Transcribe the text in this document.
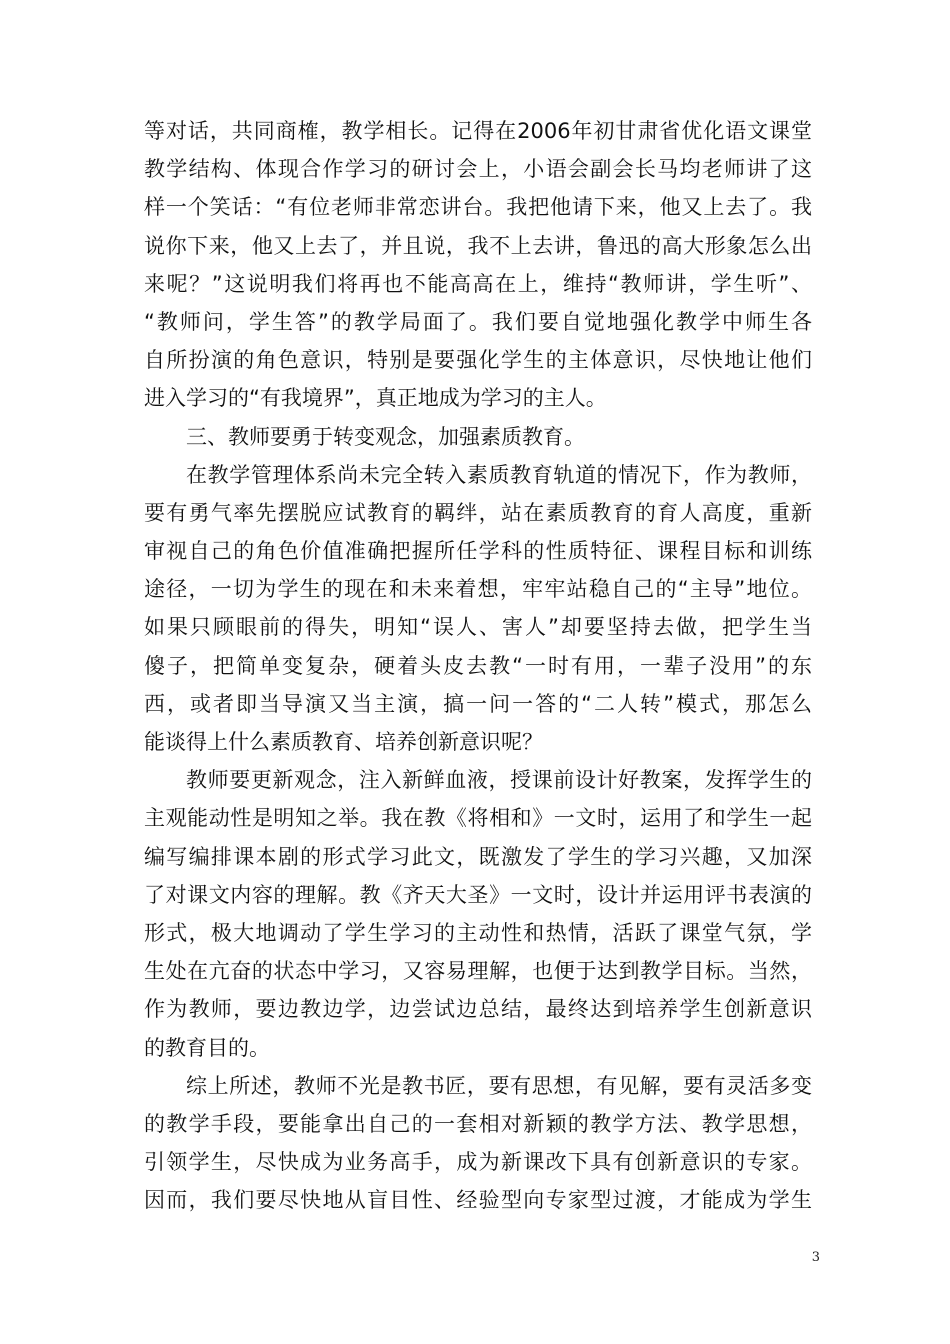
等对话，共同商榷，教学相长。记得在2006年初甘肃省优化语文课堂
教学结构、体现合作学习的研讨会上，小语会副会长马均老师讲了这
样一个笑话：“有位老师非常恋讲台。我把他请下来，他又上去了。我
说你下来，他又上去了，并且说，我不上去讲，鲁迅的高大形象怎么出
来呢？”这说明我们将再也不能高高在上，维持“教师讲，学生听”、
“教师问，学生答”的教学局面了。我们要自觉地强化教学中师生各
自所扮演的角色意识，特别是要强化学生的主体意识，尽快地让他们
进入学习的“有我境界”，真正地成为学习的主人。
三、教师要勇于转变观念，加强素质教育。
在教学管理体系尚未完全转入素质教育轨道的情况下，作为教师，
要有勇气率先摆脱应试教育的羁绊，站在素质教育的育人高度，重新
审视自己的角色价值准确把握所任学科的性质特征、课程目标和训练
途径，一切为学生的现在和未来着想，牢牢站稳自己的“主导”地位。
如果只顾眼前的得失，明知“误人、害人”却要坚持去做，把学生当
傻子，把简单变复杂，硬着头皮去教“一时有用，一辈子没用”的东
西，或者即当导演又当主演，搞一问一答的“二人转”模式，那怎么
能谈得上什么素质教育、培养创新意识呢？
教师要更新观念，注入新鲜血液，授课前设计好教案，发挥学生的
主观能动性是明知之举。我在教《将相和》一文时，运用了和学生一起
编写编排课本剧的形式学习此文，既激发了学生的学习兴趣，又加深
了对课文内容的理解。教《齐天大圣》一文时，设计并运用评书表演的
形式，极大地调动了学生学习的主动性和热情，活跃了课堂气氛，学
生处在亢奋的状态中学习，又容易理解，也便于达到教学目标。当然，
作为教师，要边教边学，边尝试边总结，最终达到培养学生创新意识
的教育目的。
综上所述，教师不光是教书匠，要有思想，有见解，要有灵活多变
的教学手段，要能拿出自己的一套相对新颖的教学方法、教学思想，
引领学生，尽快成为业务高手，成为新课改下具有创新意识的专家。
因而，我们要尽快地从盲目性、经验型向专家型过渡，才能成为学生
3
